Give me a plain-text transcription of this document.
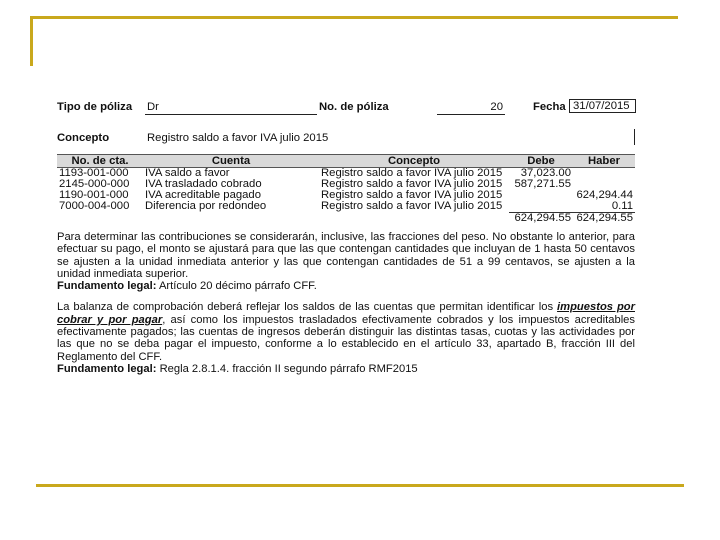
Tipo de póliza Dr	No. de póliza	20	Fecha 31/07/2015
Concepto	Registro saldo a favor IVA julio 2015
No. de cta.	Cuenta	Concepto	Debe	Haber
1193-001-000	IVA saldo a favor	Registro saldo a favor IVA julio 2015	37,023.00	
2145-000-000	IVA trasladado cobrado	Registro saldo a favor IVA julio 2015	587,271.55	
1190-001-000	IVA acreditable pagado	Registro saldo a favor IVA julio 2015		624,294.44
7000-004-000	Diferencia por redondeo	Registro saldo a favor IVA julio 2015		0.11
			624,294.55	624,294.55
Para determinar las contribuciones se considerarán, inclusive, las fracciones del peso. No obstante lo anterior, para efectuar su pago, el monto se ajustará para que las que contengan cantidades que incluyan de 1 hasta 50 centavos se ajusten a la unidad inmediata anterior y las que contengan cantidades de 51 a 99 centavos, se ajusten a la unidad inmediata superior.
Fundamento legal: Artículo 20 décimo párrafo CFF.
La balanza de comprobación deberá reflejar los saldos de las cuentas que permitan identificar los impuestos por cobrar y por pagar, así como los impuestos trasladados efectivamente cobrados y los impuestos acreditables efectivamente pagados; las cuentas de ingresos deberán distinguir las distintas tasas, cuotas y las actividades por las que no se deba pagar el impuesto, conforme a lo establecido en el artículo 33, apartado B, fracción III del Reglamento del CFF.
Fundamento legal: Regla 2.8.1.4. fracción II segundo párrafo RMF2015
